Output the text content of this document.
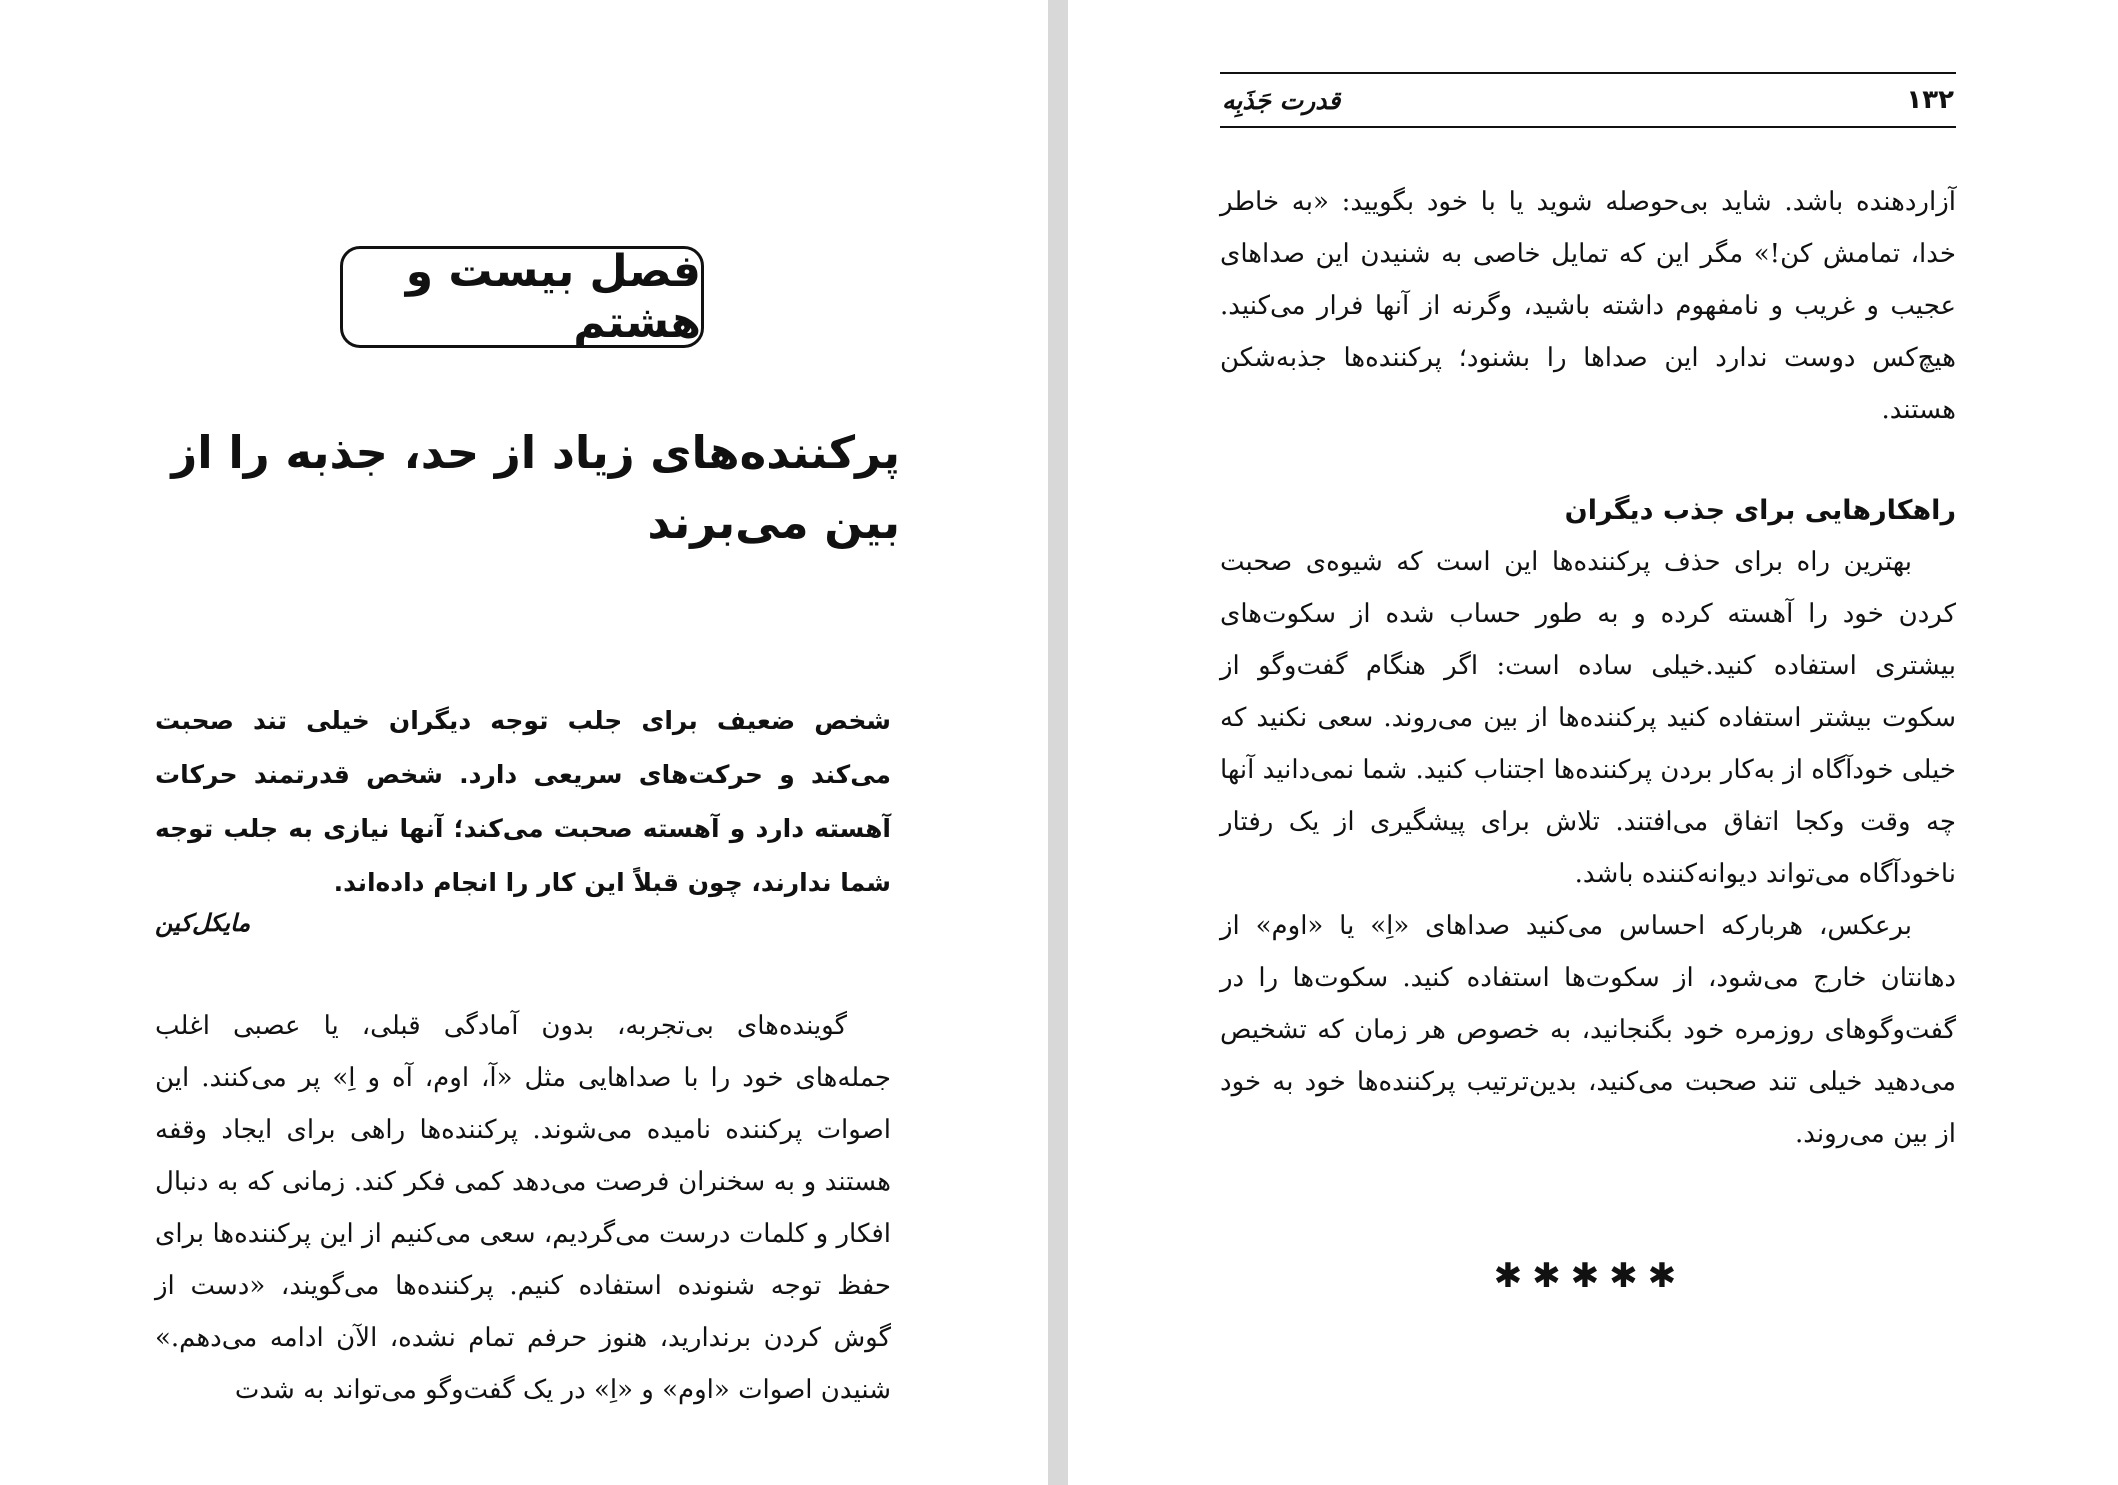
فصل بیست و هشتم
پرکننده‌های زیاد از حد، جذبه را از بین می‌برند
شخص ضعیف برای جلب توجه دیگران خیلی تند صحبت می‌کند و حرکت‌های سریعی دارد. شخص قدرتمند حرکات آهسته دارد و آهسته صحبت می‌کند؛ آنها نیازی به جلب توجه شما ندارند، چون قبلاً این کار را انجام داده‌اند.
مایکل‌کین

گوینده‌های بی‌تجربه، بدون آمادگی قبلی، یا عصبی اغلب جمله‌های خود را با صداهایی مثل «آ، اوم، آه و اِ» پر می‌کنند. این اصوات پرکننده نامیده می‌شوند. پرکننده‌ها راهی برای ایجاد وقفه هستند و به سخنران فرصت می‌دهد کمی فکر کند. زمانی که به دنبال افکار و کلمات درست می‌گردیم، سعی می‌کنیم از این پرکننده‌ها برای حفظ توجه شنونده استفاده کنیم. پرکننده‌ها می‌گویند، «دست از گوش کردن برندارید، هنوز حرفم تمام نشده، الآن ادامه می‌دهم.» شنیدن اصوات «اوم» و «اِ» در یک گفت‌وگو می‌تواند به شدت

۱۳۲
قدرت جَذَبِه

آزاردهنده باشد. شاید بی‌حوصله شوید یا با خود بگویید: «به خاطر خدا، تمامش کن!» مگر این که تمایل خاصی به شنیدن این صداهای عجیب و غریب و نامفهوم داشته باشید، وگرنه از آنها فرار می‌کنید. هیچ‌کس دوست ندارد این صداها را بشنود؛ پرکننده‌ها جذبه‌شکن هستند.

راهکارهایی برای جذب دیگران

بهترین راه برای حذف پرکننده‌ها این است که شیوه‌ی صحبت کردن خود را آهسته کرده و به طور حساب شده از سکوت‌های بیشتری استفاده کنید.خیلی ساده است: اگر هنگام گفت‌وگو از سکوت بیشتر استفاده کنید پرکننده‌ها از بین می‌روند. سعی نکنید که خیلی خودآگاه از به‌کار بردن پرکننده‌ها اجتناب کنید. شما نمی‌دانید آنها چه وقت وکجا اتفاق می‌افتند. تلاش برای پیشگیری از یک رفتار ناخودآگاه می‌تواند دیوانه‌کننده باشد.

برعکس، هربارکه احساس می‌کنید صداهای «اِ» یا «اوم» از دهانتان خارج می‌شود، از سکوت‌ها استفاده کنید. سکوت‌ها را در گفت‌وگوهای روزمره خود بگنجانید، به خصوص هر زمان که تشخیص می‌دهید خیلی تند صحبت می‌کنید، بدین‌ترتیب پرکننده‌ها خود به خود از بین می‌روند.

✱✱✱✱✱
